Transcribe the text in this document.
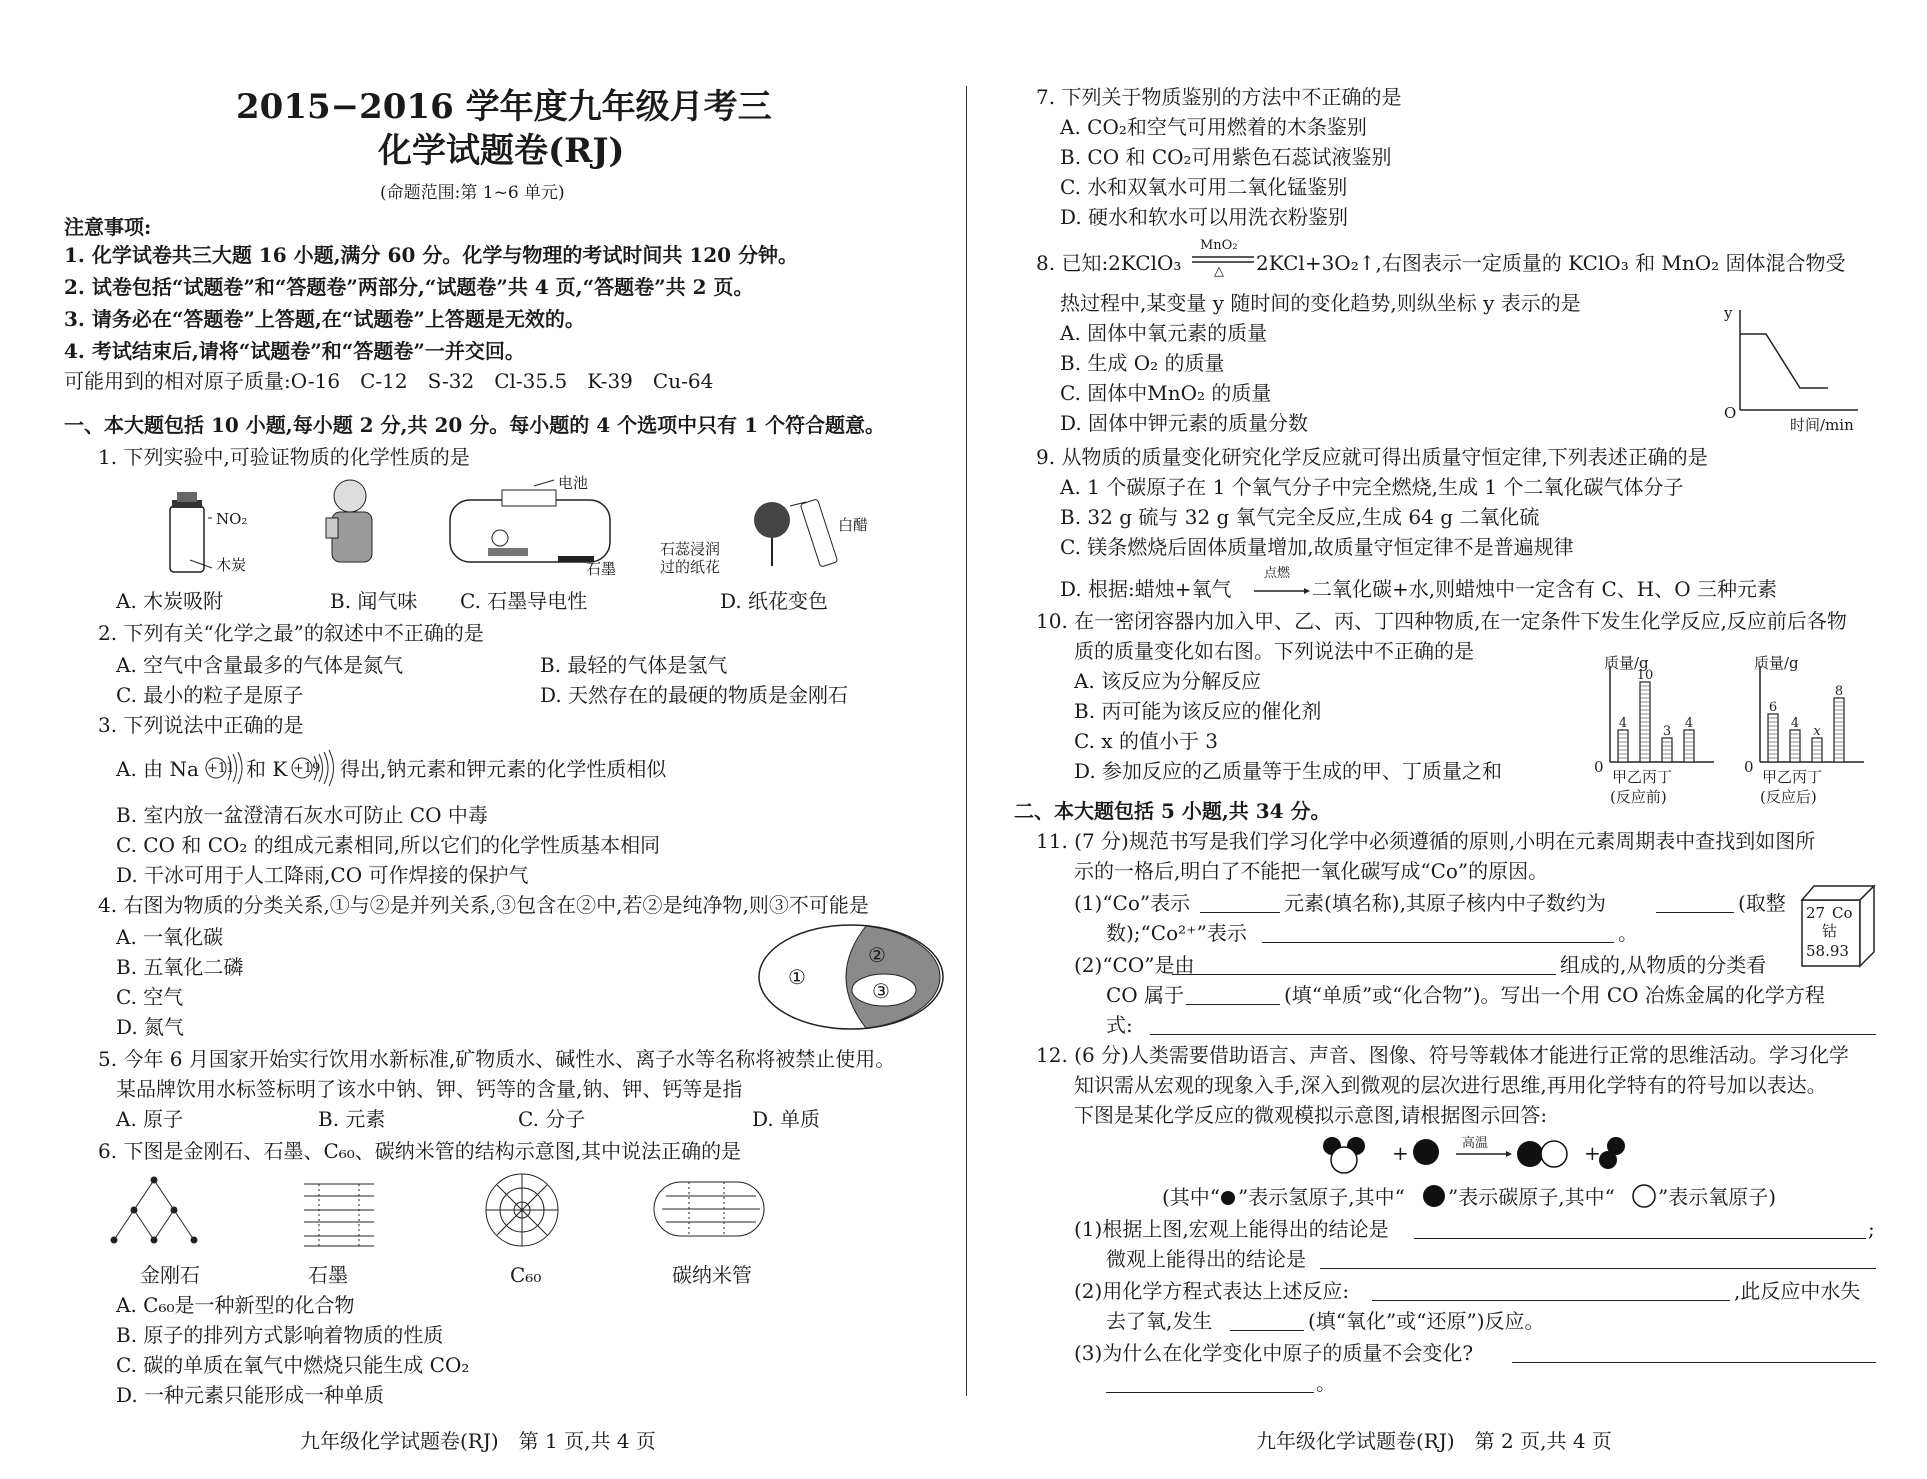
2015−2016 学年度九年级月考三
化学试题卷(RJ)
(命题范围:第 1~6 单元)
注意事项:
1. 化学试卷共三大题 16 小题,满分 60 分。化学与物理的考试时间共 120 分钟。
2. 试卷包括“试题卷”和“答题卷”两部分,“试题卷”共 4 页,“答题卷”共 2 页。
3. 请务必在“答题卷”上答题,在“试题卷”上答题是无效的。
4. 考试结束后,请将“试题卷”和“答题卷”一并交回。
可能用到的相对原子质量:O-16　C-12　S-32　Cl-35.5　K-39　Cu-64
一、本大题包括 10 小题,每小题 2 分,共 20 分。每小题的 4 个选项中只有 1 个符合题意。
1. 下列实验中,可验证物质的化学性质的是
NO₂
木炭
电池
石墨
白醋
石蕊浸润
过的纸花
A. 木炭吸附	B. 闻气味 C. 石墨导电性	D. 纸花变色
2. 下列有关“化学之最”的叙述中不正确的是
A. 空气中含量最多的气体是氮气	B. 最轻的气体是氢气
C. 最小的粒子是原子	D. 天然存在的最硬的物质是金刚石
3. 下列说法中正确的是
A. 由 Na +11 和 K +19 得出,钠元素和钾元素的化学性质相似
B. 室内放一盆澄清石灰水可防止 CO 中毒
C. CO 和 CO₂ 的组成元素相同,所以它们的化学性质基本相同
D. 干冰可用于人工降雨,CO 可作焊接的保护气
4. 右图为物质的分类关系,①与②是并列关系,③包含在②中,若②是纯净物,则③不可能是
A. 一氧化碳
B. 五氧化二磷
C. 空气
D. 氮气
①
②
③
5. 今年 6 月国家开始实行饮用水新标准,矿物质水、碱性水、离子水等名称将被禁止使用。
某品牌饮用水标签标明了该水中钠、钾、钙等的含量,钠、钾、钙等是指
A. 原子	B. 元素	C. 分子	D. 单质
6. 下图是金刚石、石墨、C₆₀、碳纳米管的结构示意图,其中说法正确的是
金刚石	石墨	C₆₀	碳纳米管
A. C₆₀是一种新型的化合物
B. 原子的排列方式影响着物质的性质
C. 碳的单质在氧气中燃烧只能生成 CO₂
D. 一种元素只能形成一种单质
九年级化学试题卷(RJ)　第 1 页,共 4 页
7. 下列关于物质鉴别的方法中不正确的是
A. CO₂和空气可用燃着的木条鉴别
B. CO 和 CO₂可用紫色石蕊试液鉴别
C. 水和双氧水可用二氧化锰鉴别
D. 硬水和软水可以用洗衣粉鉴别
8. 已知:2KClO₃
MnO₂
△ 2KCl+3O₂↑,右图表示一定质量的 KClO₃ 和 MnO₂ 固体混合物受
热过程中,某变量 y 随时间的变化趋势,则纵坐标 y 表示的是
A. 固体中氧元素的质量
B. 生成 O₂ 的质量
C. 固体中MnO₂ 的质量
D. 固体中钾元素的质量分数
y
O
时间/min
9. 从物质的质量变化研究化学反应就可得出质量守恒定律,下列表述正确的是
A. 1 个碳原子在 1 个氧气分子中完全燃烧,生成 1 个二氧化碳气体分子
B. 32 g 硫与 32 g 氧气完全反应,生成 64 g 二氧化硫
C. 镁条燃烧后固体质量增加,故质量守恒定律不是普遍规律
D. 根据:蜡烛+氧气
点燃
→ 二氧化碳+水,则蜡烛中一定含有 C、H、O 三种元素
10. 在一密闭容器内加入甲、乙、丙、丁四种物质,在一定条件下发生化学反应,反应前后各物
质的质量变化如右图。下列说法中不正确的是
A. 该反应为分解反应
B. 丙可能为该反应的催化剂
C. x 的值小于 3
D. 参加反应的乙质量等于生成的甲、丁质量之和
质量/g
0
4
10
3
4
甲乙丙丁
(反应前)
质量/g
0
6
4
x
8
甲乙丙丁
(反应后)
二、本大题包括 5 小题,共 34 分。
11. (7 分)规范书写是我们学习化学中必须遵循的原则,小明在元素周期表中查找到如图所
示的一格后,明白了不能把一氧化碳写成“Co”的原因。
(1)“Co”表示	元素(填名称),其原子核内中子数约为	(取整
数);“Co²⁺”表示	。
(2)“CO”是由	组成的,从物质的分类看
CO 属于	(填“单质”或“化合物”)。写出一个用 CO 冶炼金属的化学方程
式:
27 Co
钴
58.93
12. (6 分)人类需要借助语言、声音、图像、符号等载体才能进行正常的思维活动。学习化学
知识需从宏观的现象入手,深入到微观的层次进行思维,再用化学特有的符号加以表达。
下图是某化学反应的微观模拟示意图,请根据图示回答:
+	+
高温
(其中“ ”表示氢原子,其中“ ”表示碳原子,其中“ ”表示氧原子)
(1)根据上图,宏观上能得出的结论是	;
微观上能得出的结论是
(2)用化学方程式表达上述反应:	,此反应中水失
去了氧,发生	(填“氧化”或“还原”)反应。
(3)为什么在化学变化中原子的质量不会变化?
。
九年级化学试题卷(RJ)　第 2 页,共 4 页
